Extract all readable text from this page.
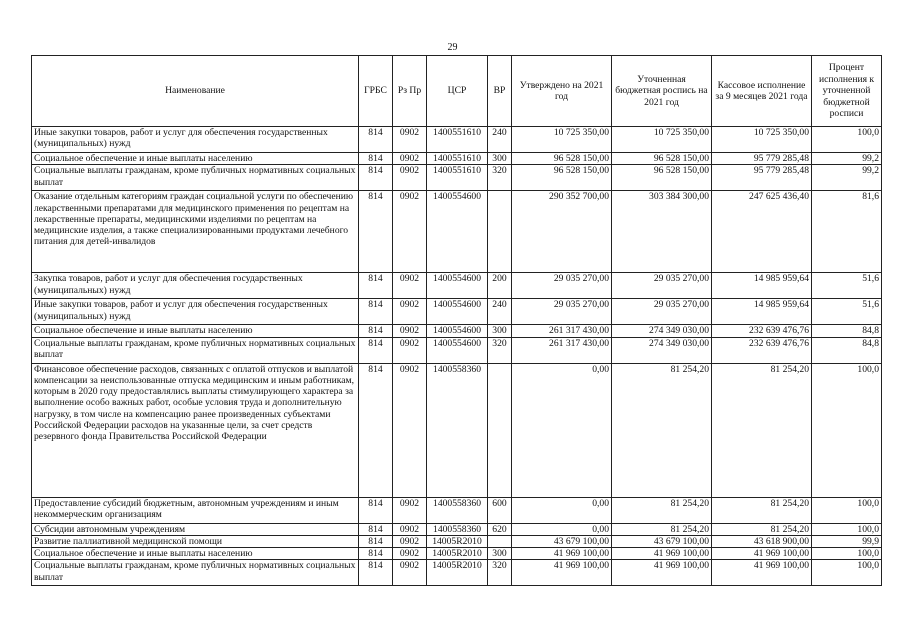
29
Наименование	ГРБС	Рз Пр	ЦСР	ВР	Утверждено на 2021 год	Уточненная бюджетная роспись на 2021 год	Кассовое исполнение за 9 месяцев 2021 года	Процент исполнения к уточненной бюджетной росписи
Иные закупки товаров, работ и услуг для обеспечения государственных (муниципальных) нужд	814	0902	1400551610	240	10 725 350,00	10 725 350,00	10 725 350,00	100,0
Социальное обеспечение и иные выплаты населению	814	0902	1400551610	300	96 528 150,00	96 528 150,00	95 779 285,48	99,2
Социальные выплаты гражданам, кроме публичных нормативных социальных выплат	814	0902	1400551610	320	96 528 150,00	96 528 150,00	95 779 285,48	99,2
Оказание отдельным категориям граждан социальной услуги по обеспечению лекарственными препаратами для медицинского применения по рецептам на лекарственные препараты, медицинскими изделиями по рецептам на медицинские изделия, а также специализированными продуктами лечебного питания для детей-инвалидов	814	0902	1400554600		290 352 700,00	303 384 300,00	247 625 436,40	81,6
Закупка товаров, работ и услуг для обеспечения государственных (муниципальных) нужд	814	0902	1400554600	200	29 035 270,00	29 035 270,00	14 985 959,64	51,6
Иные закупки товаров, работ и услуг для обеспечения государственных (муниципальных) нужд	814	0902	1400554600	240	29 035 270,00	29 035 270,00	14 985 959,64	51,6
Социальное обеспечение и иные выплаты населению	814	0902	1400554600	300	261 317 430,00	274 349 030,00	232 639 476,76	84,8
Социальные выплаты гражданам, кроме публичных нормативных социальных выплат	814	0902	1400554600	320	261 317 430,00	274 349 030,00	232 639 476,76	84,8
Финансовое обеспечение расходов, связанных с оплатой отпусков и выплатой компенсации за неиспользованные отпуска медицинским и иным работникам, которым в 2020 году предоставлялись выплаты стимулирующего характера за выполнение особо важных работ, особые условия труда и дополнительную нагрузку, в том числе на компенсацию ранее произведенных субъектами Российской Федерации расходов на указанные цели, за счет средств резервного фонда Правительства Российской Федерации	814	0902	1400558360		0,00	81 254,20	81 254,20	100,0
Предоставление субсидий бюджетным, автономным учреждениям и иным некоммерческим организациям	814	0902	1400558360	600	0,00	81 254,20	81 254,20	100,0
Субсидии автономным учреждениям	814	0902	1400558360	620	0,00	81 254,20	81 254,20	100,0
Развитие паллиативной медицинской помощи	814	0902	14005R2010		43 679 100,00	43 679 100,00	43 618 900,00	99,9
Социальное обеспечение и иные выплаты населению	814	0902	14005R2010	300	41 969 100,00	41 969 100,00	41 969 100,00	100,0
Социальные выплаты гражданам, кроме публичных нормативных социальных выплат	814	0902	14005R2010	320	41 969 100,00	41 969 100,00	41 969 100,00	100,0
